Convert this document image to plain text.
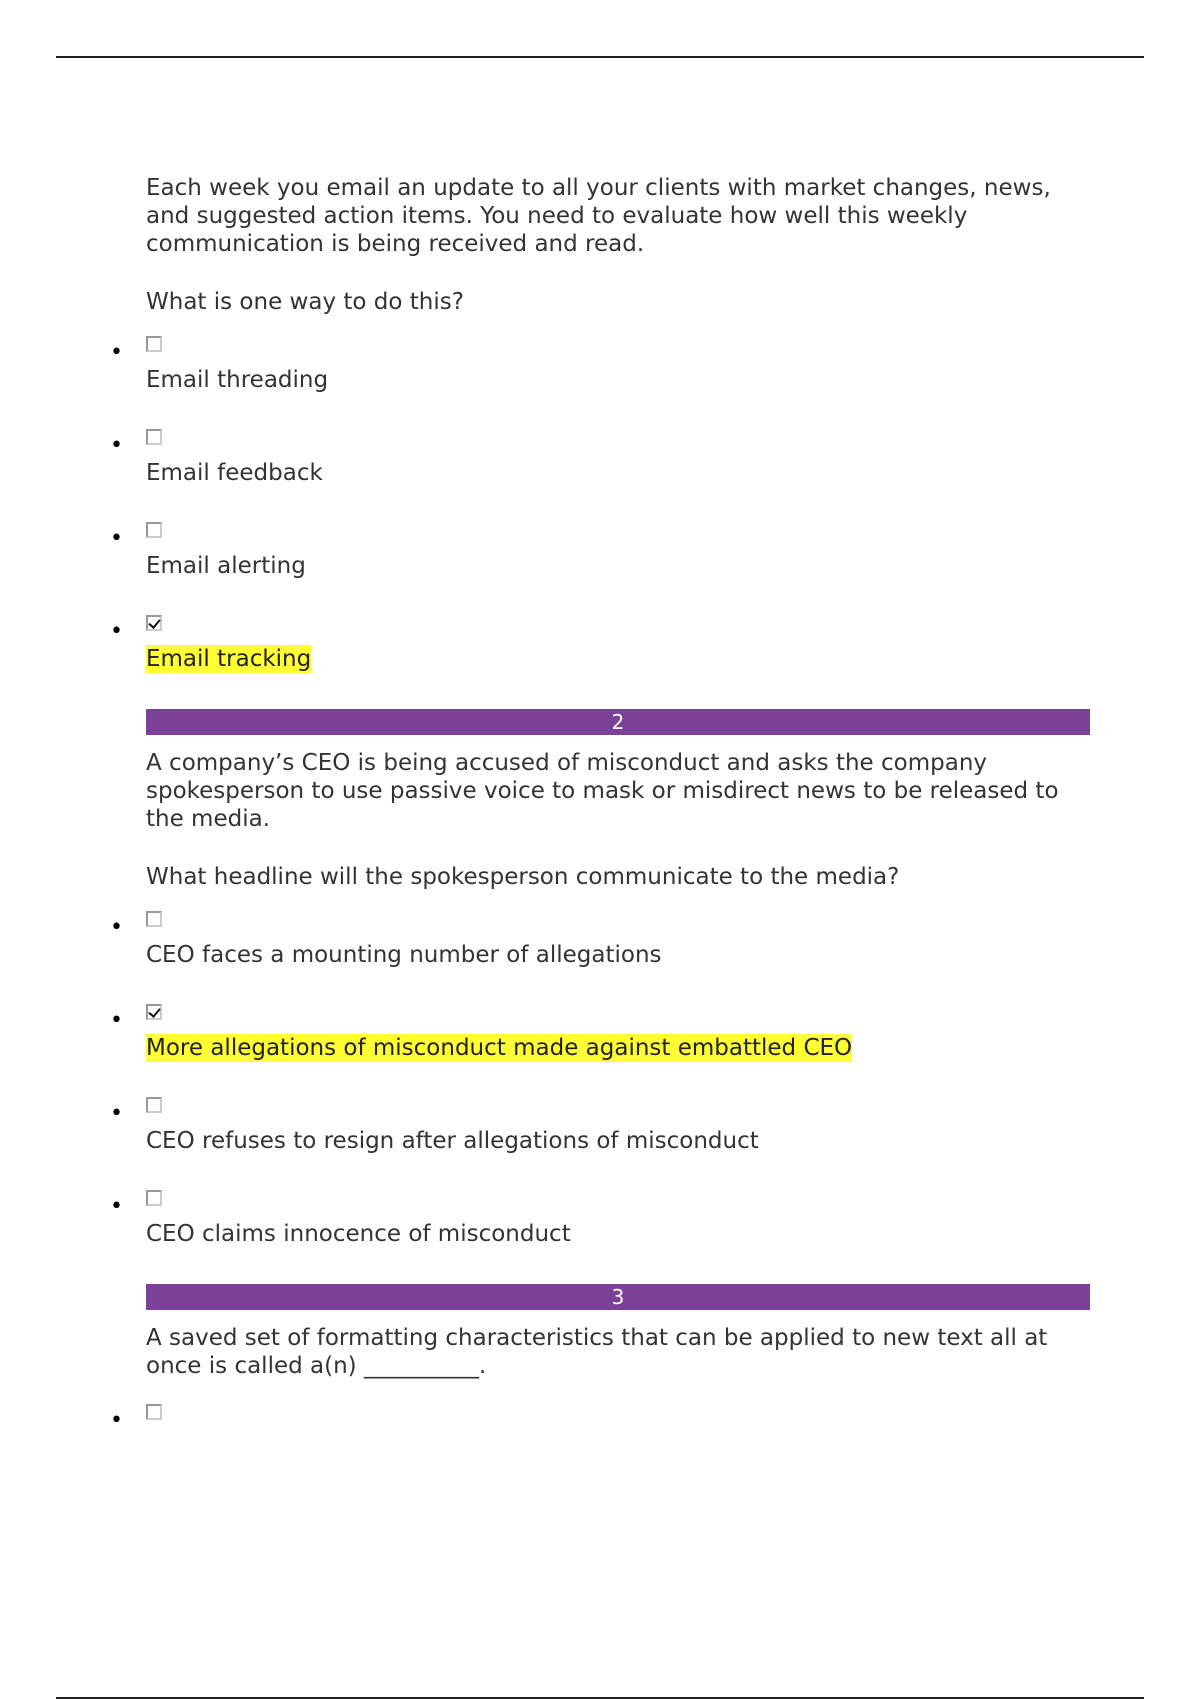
Each week you email an update to all your clients with market changes, news, and suggested action items. You need to evaluate how well this weekly communication is being received and read.

What is one way to do this?

•
Email threading
•
Email feedback
•
Email alerting
•
Email tracking
2

A company’s CEO is being accused of misconduct and asks the company spokesperson to use passive voice to mask or misdirect news to be released to the media.

What headline will the spokesperson communicate to the media?

•
CEO faces a mounting number of allegations
•
More allegations of misconduct made against embattled CEO
•
CEO refuses to resign after allegations of misconduct
•
CEO claims innocence of misconduct
3

A saved set of formatting characteristics that can be applied to new text all at once is called a(n) __________.

•
